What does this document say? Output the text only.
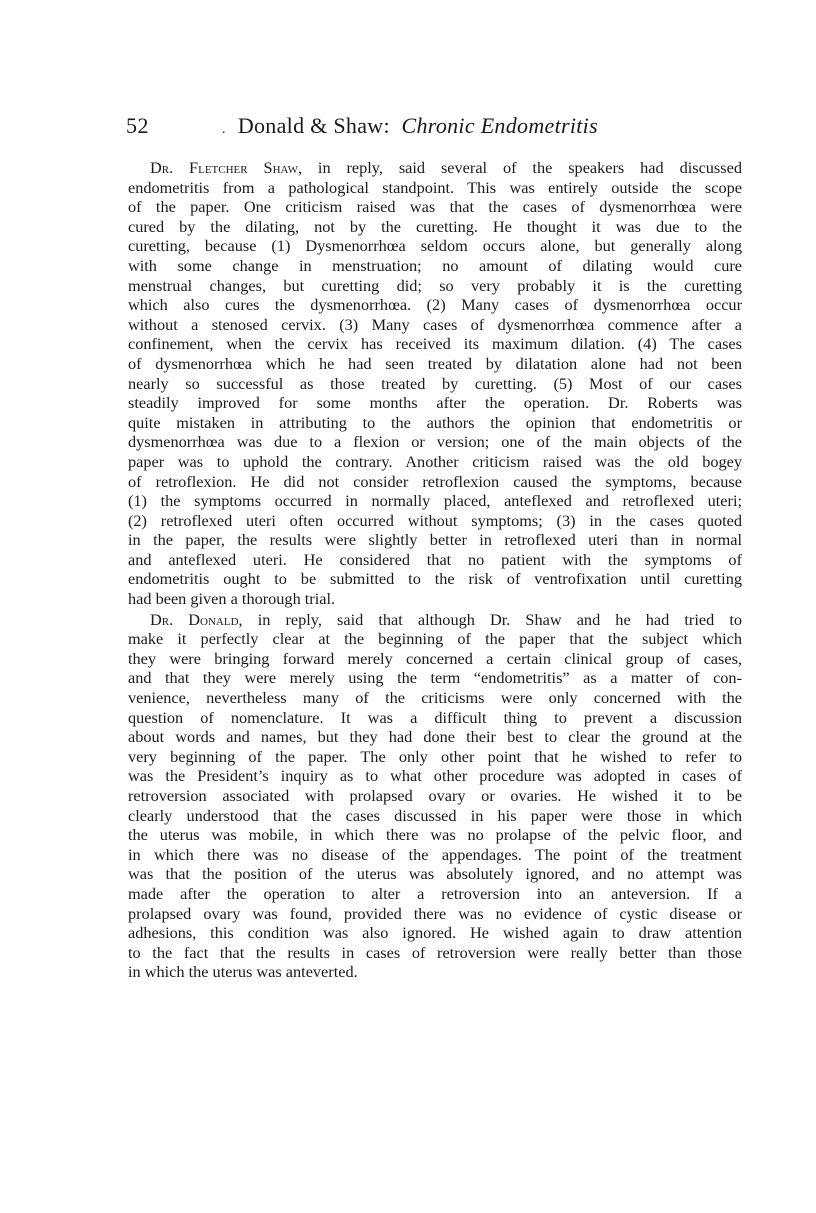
52	. Donald & Shaw: Chronic Endometritis
Dr. Fletcher Shaw, in reply, said several of the speakers had discussed
endometritis from a pathological standpoint. This was entirely outside the scope
of the paper. One criticism raised was that the cases of dysmenorrhœa were
cured by the dilating, not by the curetting. He thought it was due to the
curetting, because (1) Dysmenorrhœa seldom occurs alone, but generally along
with some change in menstruation; no amount of dilating would cure
menstrual changes, but curetting did; so very probably it is the curetting
which also cures the dysmenorrhœa. (2) Many cases of dysmenorrhœa occur
without a stenosed cervix. (3) Many cases of dysmenorrhœa commence after a
confinement, when the cervix has received its maximum dilation. (4) The cases
of dysmenorrhœa which he had seen treated by dilatation alone had not been
nearly so successful as those treated by curetting. (5) Most of our cases
steadily improved for some months after the operation. Dr. Roberts was
quite mistaken in attributing to the authors the opinion that endometritis or
dysmenorrhœa was due to a flexion or version; one of the main objects of the
paper was to uphold the contrary. Another criticism raised was the old bogey
of retroflexion. He did not consider retroflexion caused the symptoms, because
(1) the symptoms occurred in normally placed, anteflexed and retroflexed uteri;
(2) retroflexed uteri often occurred without symptoms; (3) in the cases quoted
in the paper, the results were slightly better in retroflexed uteri than in normal
and anteflexed uteri. He considered that no patient with the symptoms of
endometritis ought to be submitted to the risk of ventrofixation until curetting
had been given a thorough trial.
Dr. Donald, in reply, said that although Dr. Shaw and he had tried to
make it perfectly clear at the beginning of the paper that the subject which
they were bringing forward merely concerned a certain clinical group of cases,
and that they were merely using the term “endometritis” as a matter of con-
venience, nevertheless many of the criticisms were only concerned with the
question of nomenclature. It was a difficult thing to prevent a discussion
about words and names, but they had done their best to clear the ground at the
very beginning of the paper. The only other point that he wished to refer to
was the President’s inquiry as to what other procedure was adopted in cases of
retroversion associated with prolapsed ovary or ovaries. He wished it to be
clearly understood that the cases discussed in his paper were those in which
the uterus was mobile, in which there was no prolapse of the pelvic floor, and
in which there was no disease of the appendages. The point of the treatment
was that the position of the uterus was absolutely ignored, and no attempt was
made after the operation to alter a retroversion into an anteversion. If a
prolapsed ovary was found, provided there was no evidence of cystic disease or
adhesions, this condition was also ignored. He wished again to draw attention
to the fact that the results in cases of retroversion were really better than those
in which the uterus was anteverted.
